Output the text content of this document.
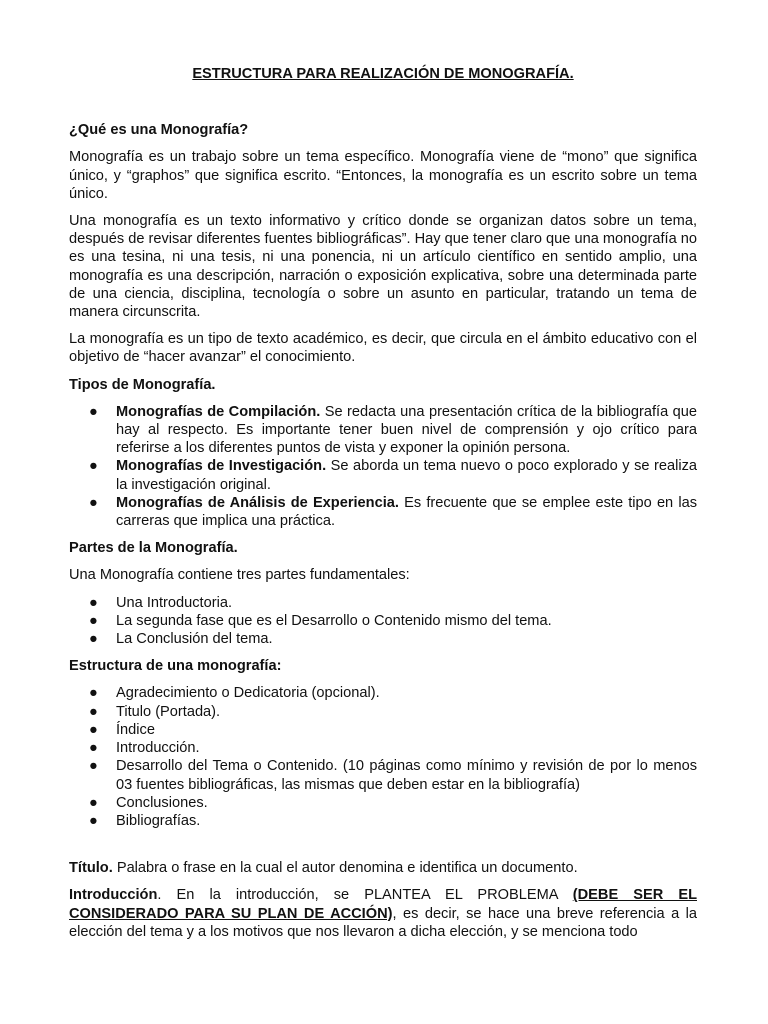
ESTRUCTURA PARA REALIZACIÓN DE MONOGRAFÍA.
¿Qué es una Monografía?
Monografía es un trabajo sobre un tema específico. Monografía viene de “mono” que significa único, y “graphos” que significa escrito. “Entonces, la monografía es un escrito sobre un tema único.
Una monografía es un texto informativo y crítico donde se organizan datos sobre un tema, después de revisar diferentes fuentes bibliográficas”. Hay que tener claro que una monografía no es una tesina, ni una tesis, ni una ponencia, ni un artículo científico en sentido amplio, una monografía es una descripción, narración o exposición explicativa, sobre una determinada parte de una ciencia, disciplina, tecnología o sobre un asunto en particular, tratando un tema de manera circunscrita.
La monografía es un tipo de texto académico, es decir, que circula en el ámbito educativo con el objetivo de “hacer avanzar” el conocimiento.
Tipos de Monografía.
● Monografías de Compilación. Se redacta una presentación crítica de la bibliografía que hay al respecto. Es importante tener buen nivel de comprensión y ojo crítico para referirse a los diferentes puntos de vista y exponer la opinión persona.
● Monografías de Investigación. Se aborda un tema nuevo o poco explorado y se realiza la investigación original.
● Monografías de Análisis de Experiencia. Es frecuente que se emplee este tipo en las carreras que implica una práctica.
Partes de la Monografía.
Una Monografía contiene tres partes fundamentales:
● Una Introductoria.
● La segunda fase que es el Desarrollo o Contenido mismo del tema.
● La Conclusión del tema.
Estructura de una monografía:
● Agradecimiento o Dedicatoria (opcional).
● Titulo (Portada).
● Índice
● Introducción.
● Desarrollo del Tema o Contenido. (10 páginas como mínimo y revisión de por lo menos 03 fuentes bibliográficas, las mismas que deben estar en la bibliografía)
● Conclusiones.
● Bibliografías.
Título. Palabra o frase en la cual el autor denomina e identifica un documento.
Introducción. En la introducción, se PLANTEA EL PROBLEMA (DEBE SER EL CONSIDERADO PARA SU PLAN DE ACCIÓN), es decir, se hace una breve referencia a la elección del tema y a los motivos que nos llevaron a dicha elección, y se menciona todo
